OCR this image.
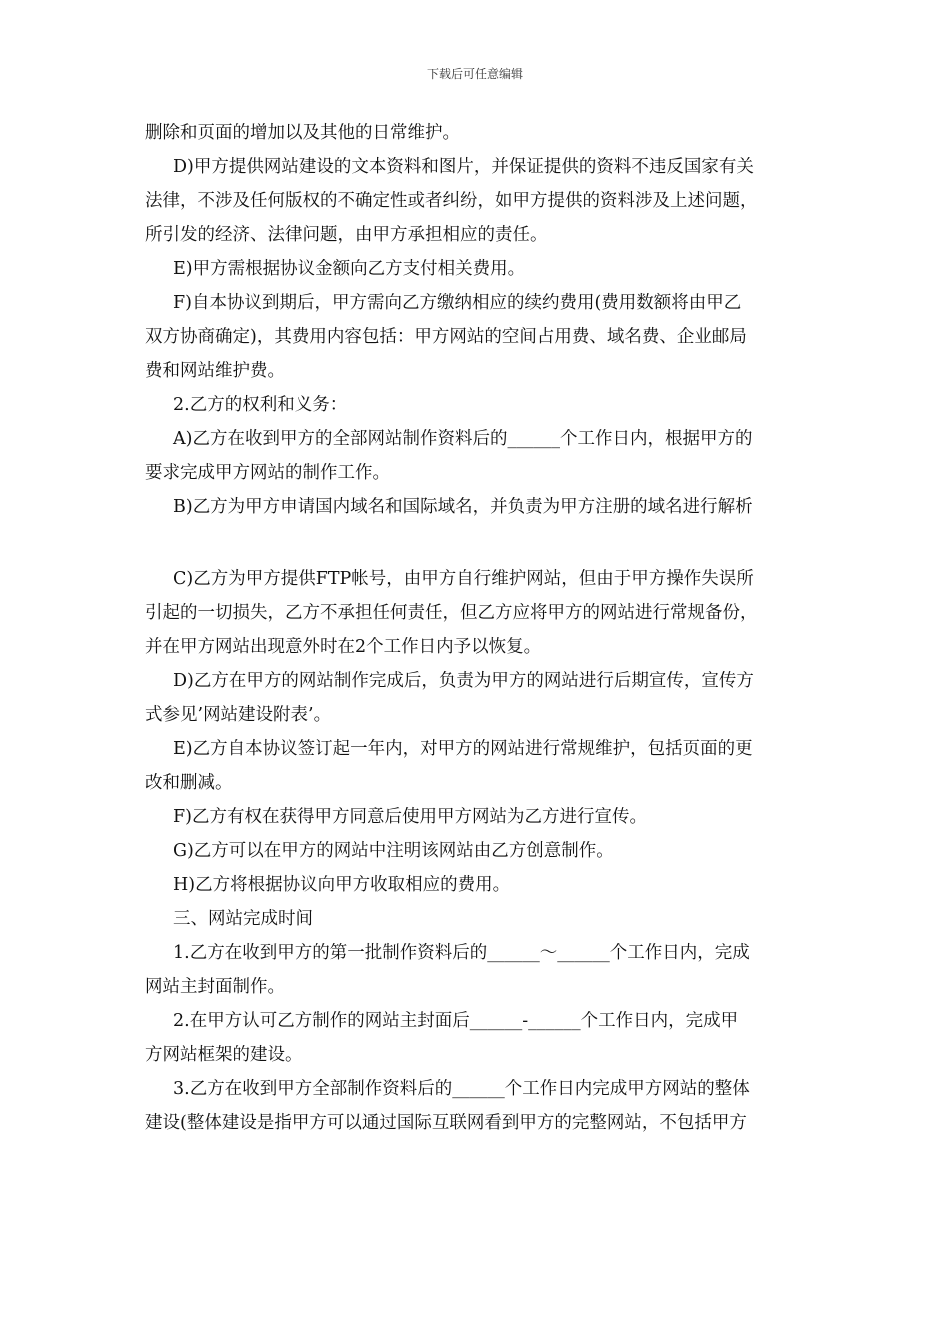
下载后可任意编辑
删除和页面的增加以及其他的日常维护。
D)甲方提供网站建设的文本资料和图片，并保证提供的资料不违反国家有关
法律，不涉及任何版权的不确定性或者纠纷，如甲方提供的资料涉及上述问题，
所引发的经济、法律问题，由甲方承担相应的责任。
E)甲方需根据协议金额向乙方支付相关费用。
F)自本协议到期后，甲方需向乙方缴纳相应的续约费用(费用数额将由甲乙
双方协商确定)，其费用内容包括：甲方网站的空间占用费、域名费、企业邮局
费和网站维护费。
2.乙方的权利和义务：
A)乙方在收到甲方的全部网站制作资料后的______个工作日内，根据甲方的
要求完成甲方网站的制作工作。
B)乙方为甲方申请国内域名和国际域名，并负责为甲方注册的域名进行解析
C)乙方为甲方提供FTP帐号，由甲方自行维护网站，但由于甲方操作失误所
引起的一切损失，乙方不承担任何责任，但乙方应将甲方的网站进行常规备份，
并在甲方网站出现意外时在2个工作日内予以恢复。
D)乙方在甲方的网站制作完成后，负责为甲方的网站进行后期宣传，宣传方
式参见’网站建设附表’。
E)乙方自本协议签订起一年内，对甲方的网站进行常规维护，包括页面的更
改和删减。
F)乙方有权在获得甲方同意后使用甲方网站为乙方进行宣传。
G)乙方可以在甲方的网站中注明该网站由乙方创意制作。
H)乙方将根据协议向甲方收取相应的费用。
三、网站完成时间
1.乙方在收到甲方的第一批制作资料后的______～______个工作日内，完成
网站主封面制作。
2.在甲方认可乙方制作的网站主封面后______-______个工作日内，完成甲
方网站框架的建设。
3.乙方在收到甲方全部制作资料后的______个工作日内完成甲方网站的整体
建设(整体建设是指甲方可以通过国际互联网看到甲方的完整网站，不包括甲方
